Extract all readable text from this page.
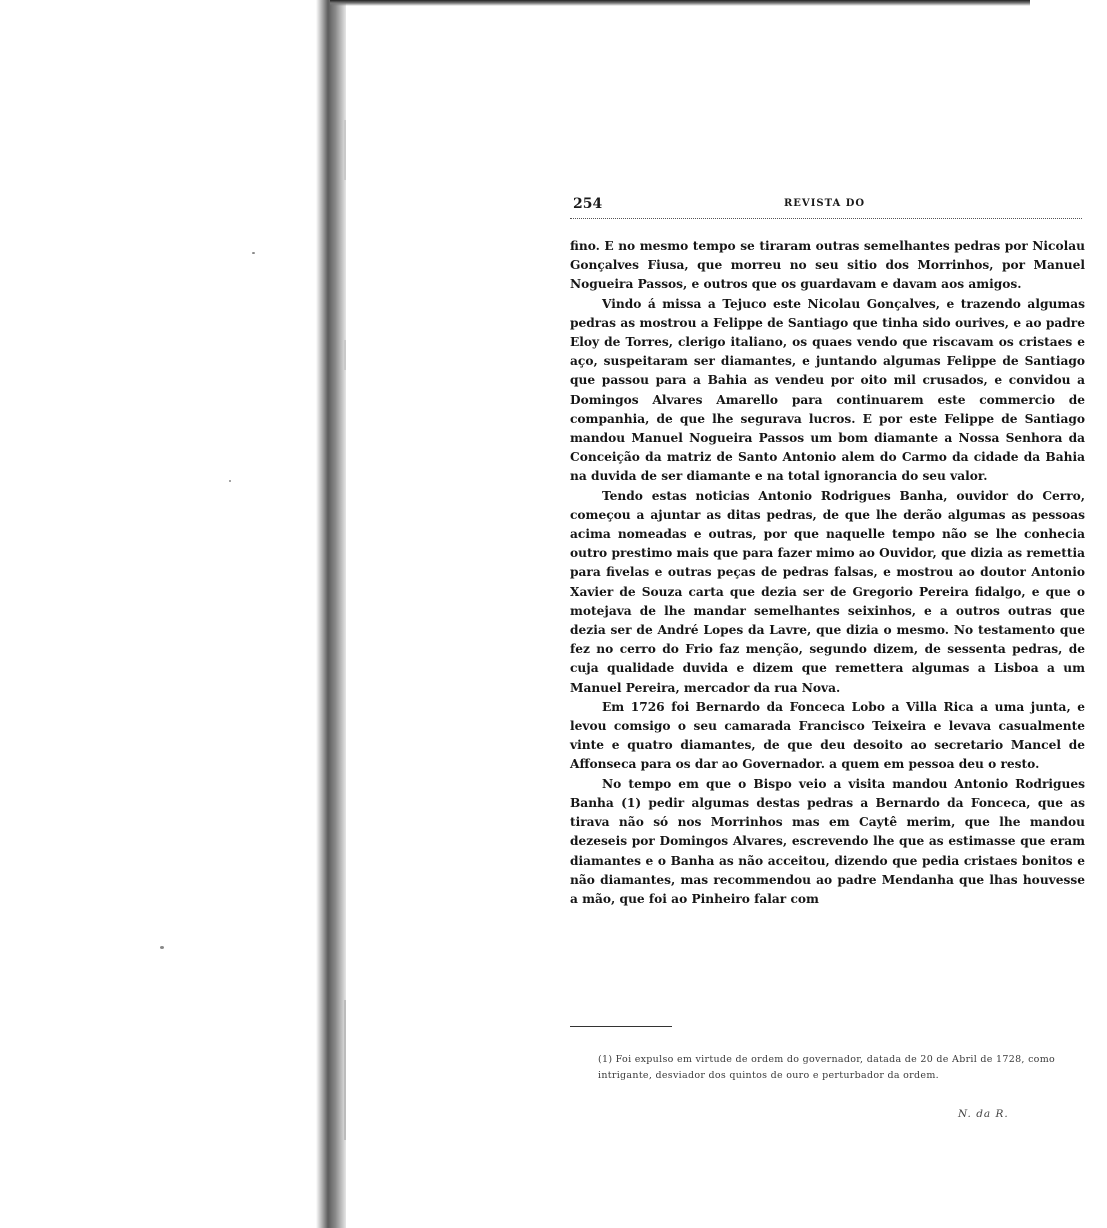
254	REVISTA DO

fino. E no mesmo tempo se tiraram outras semelhantes pedras por Nicolau Gonçalves Fiusa, que morreu no seu sitio dos Morrinhos, por Manuel Nogueira Passos, e outros que os guardavam e davam aos amigos.

Vindo á missa a Tejuco este Nicolau Gonçalves, e trazendo algumas pedras as mostrou a Felippe de Santiago que tinha sido ourives, e ao padre Eloy de Torres, clerigo italiano, os quaes vendo que riscavam os cristaes e aço, suspeitaram ser diamantes, e juntando algumas Felippe de Santiago que passou para a Bahia as vendeu por oito mil crusados, e convidou a Domingos Alvares Amarello para continuarem este commercio de companhia, de que lhe segurava lucros. E por este Felippe de Santiago mandou Manuel Nogueira Passos um bom diamante a Nossa Senhora da Conceição da matriz de Santo Antonio alem do Carmo da cidade da Bahia na duvida de ser diamante e na total ignorancia do seu valor.

Tendo estas noticias Antonio Rodrigues Banha, ouvidor do Cerro, começou a ajuntar as ditas pedras, de que lhe derão algumas as pessoas acima nomeadas e outras, por que naquelle tempo não se lhe conhecia outro prestimo mais que para fazer mimo ao Ouvidor, que dizia as remettia para fivelas e outras peças de pedras falsas, e mostrou ao doutor Antonio Xavier de Souza carta que dezia ser de Gregorio Pereira fidalgo, e que o motejava de lhe mandar semelhantes seixinhos, e a outros outras que dezia ser de André Lopes da Lavre, que dizia o mesmo. No testamento que fez no cerro do Frio faz menção, segundo dizem, de sessenta pedras, de cuja qualidade duvida e dizem que remettera algumas a Lisboa a um Manuel Pereira, mercador da rua Nova.

Em 1726 foi Bernardo da Fonceca Lobo a Villa Rica a uma junta, e levou comsigo o seu camarada Francisco Teixeira e levava casualmente vinte e quatro diamantes, de que deu desoito ao secretario Mancel de Affonseca para os dar ao Governador. a quem em pessoa deu o resto.

No tempo em que o Bispo veio a visita mandou Antonio Rodrigues Banha (1) pedir algumas destas pedras a Bernardo da Fonceca, que as tirava não só nos Morrinhos mas em Caytê merim, que lhe mandou dezeseis por Domingos Alvares, escrevendo lhe que as estimasse que eram diamantes e o Banha as não acceitou, dizendo que pedia cristaes bonitos e não diamantes, mas recommendou ao padre Mendanha que lhas houvesse a mão, que foi ao Pinheiro falar com

(1) Foi expulso em virtude de ordem do governador, datada de 20 de Abril de 1728, como intrigante, desviador dos quintos de ouro e perturbador da ordem.

N. da R.
